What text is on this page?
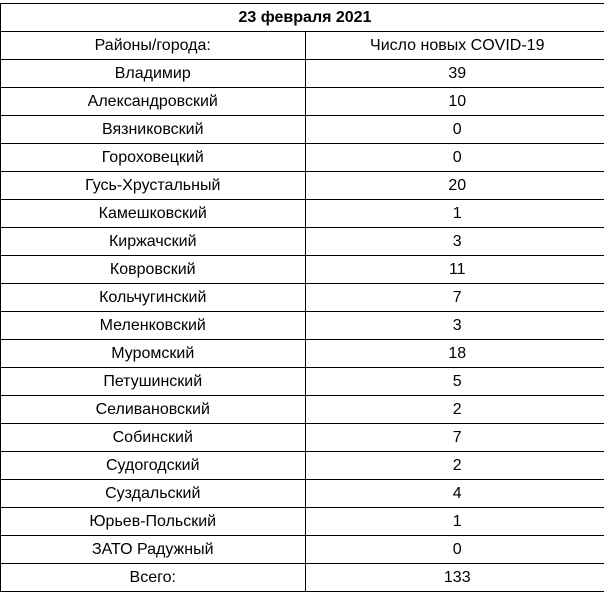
23 февраля 2021	
Районы/города:	Число новых COVID-19
Владимир	39
Александровский	10
Вязниковский	0
Гороховецкий	0
Гусь-Хрустальный	20
Камешковский	1
Киржачский	3
Ковровский	11
Кольчугинский	7
Меленковский	3
Муромский	18
Петушинский	5
Селивановский	2
Собинский	7
Судогодский	2
Суздальский	4
Юрьев-Польский	1
ЗАТО Радужный	0
Всего:	133
